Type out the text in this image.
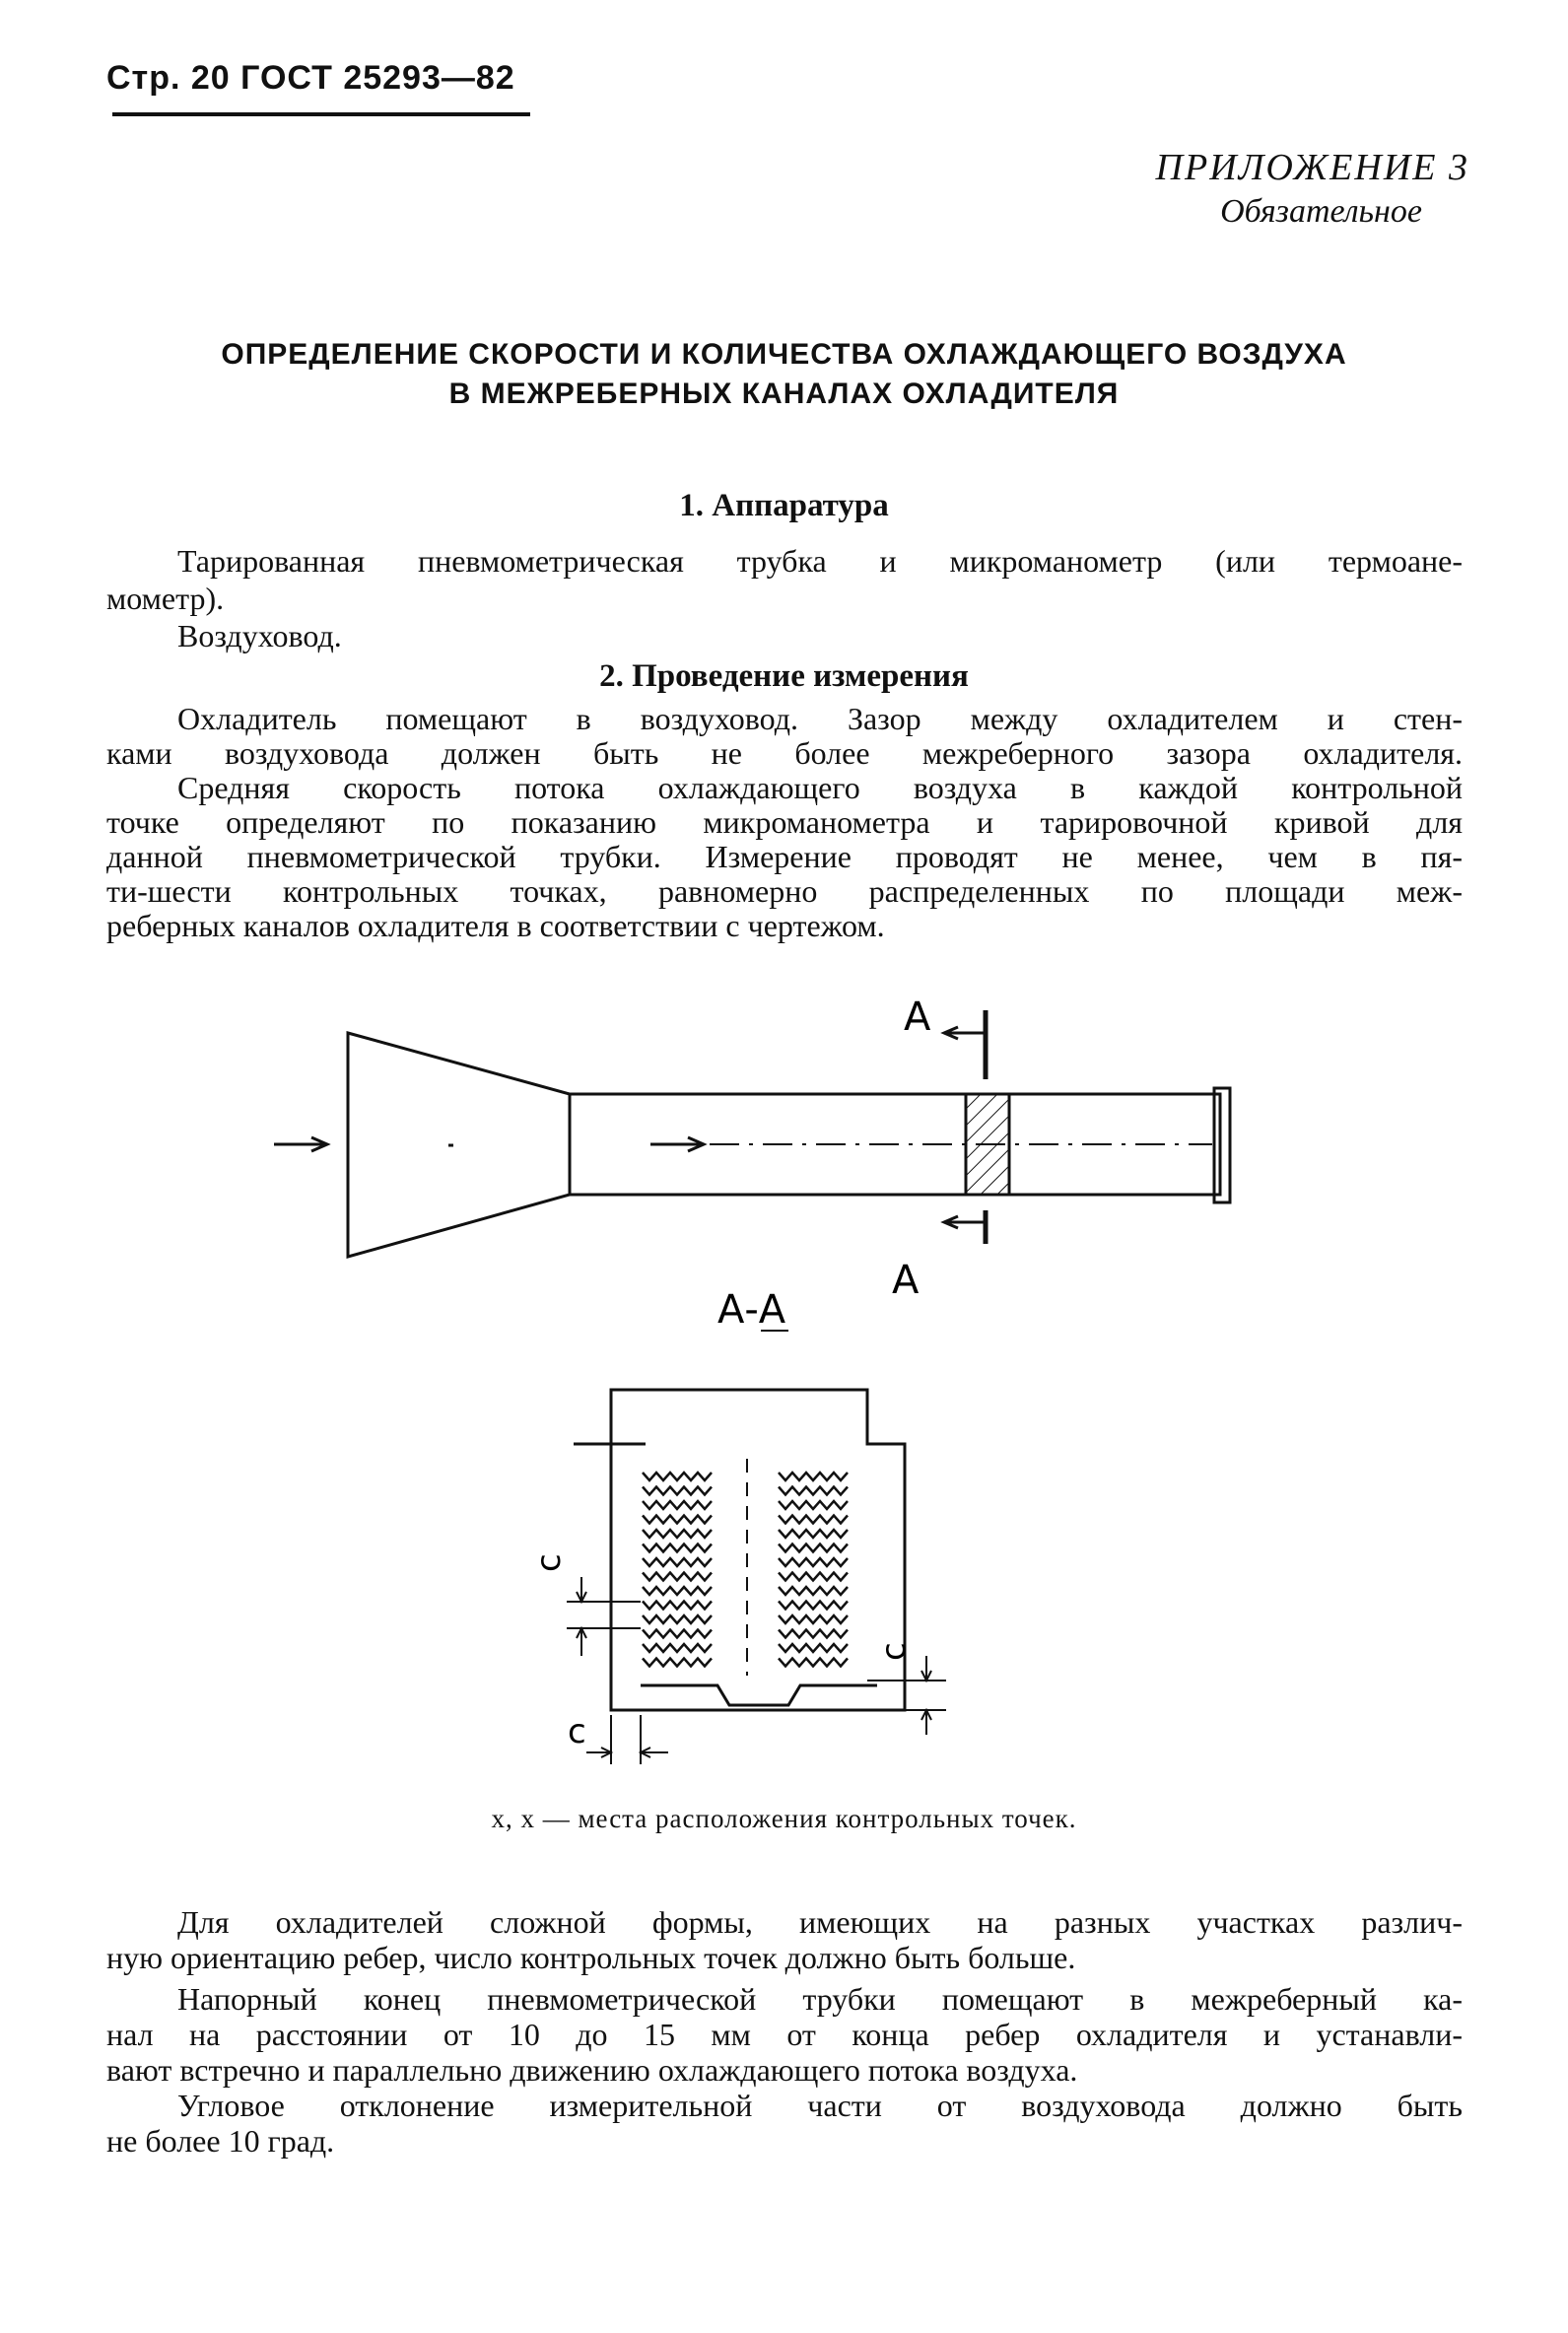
Стр. 20 ГОСТ 25293—82
ПРИЛОЖЕНИЕ 3
Обязательное
ОПРЕДЕЛЕНИЕ СКОРОСТИ И КОЛИЧЕСТВА ОХЛАЖДАЮЩЕГО ВОЗДУХА
В МЕЖРЕБЕРНЫХ КАНАЛАХ ОХЛАДИТЕЛЯ
1. Аппаратура
Тарированная пневмометрическая трубка и микроманометр (или термоане-
мометр).
Воздуховод.
2. Проведение измерения
Охладитель помещают в воздуховод. Зазор между охладителем и стен-
ками воздуховода должен быть не более межреберного зазора охладителя.
Средняя скорость потока охлаждающего воздуха в каждой контрольной
точке определяют по показанию микроманометра и тарировочной кривой для
данной пневмометрической трубки. Измерение проводят не менее, чем в пя-
ти-шести контрольных точках, равномерно распределенных по площади меж-
реберных каналов охладителя в соответствии с чертежом.
А
А
А-А
с
с
с
x, x — места расположения контрольных точек.
Для охладителей сложной формы, имеющих на разных участках различ-
ную ориентацию ребер, число контрольных точек должно быть больше.
Напорный конец пневмометрической трубки помещают в межреберный ка-
нал на расстоянии от 10 до 15 мм от конца ребер охладителя и устанавли-
вают встречно и параллельно движению охлаждающего потока воздуха.
Угловое отклонение измерительной части от воздуховода должно быть
не более 10 град.
